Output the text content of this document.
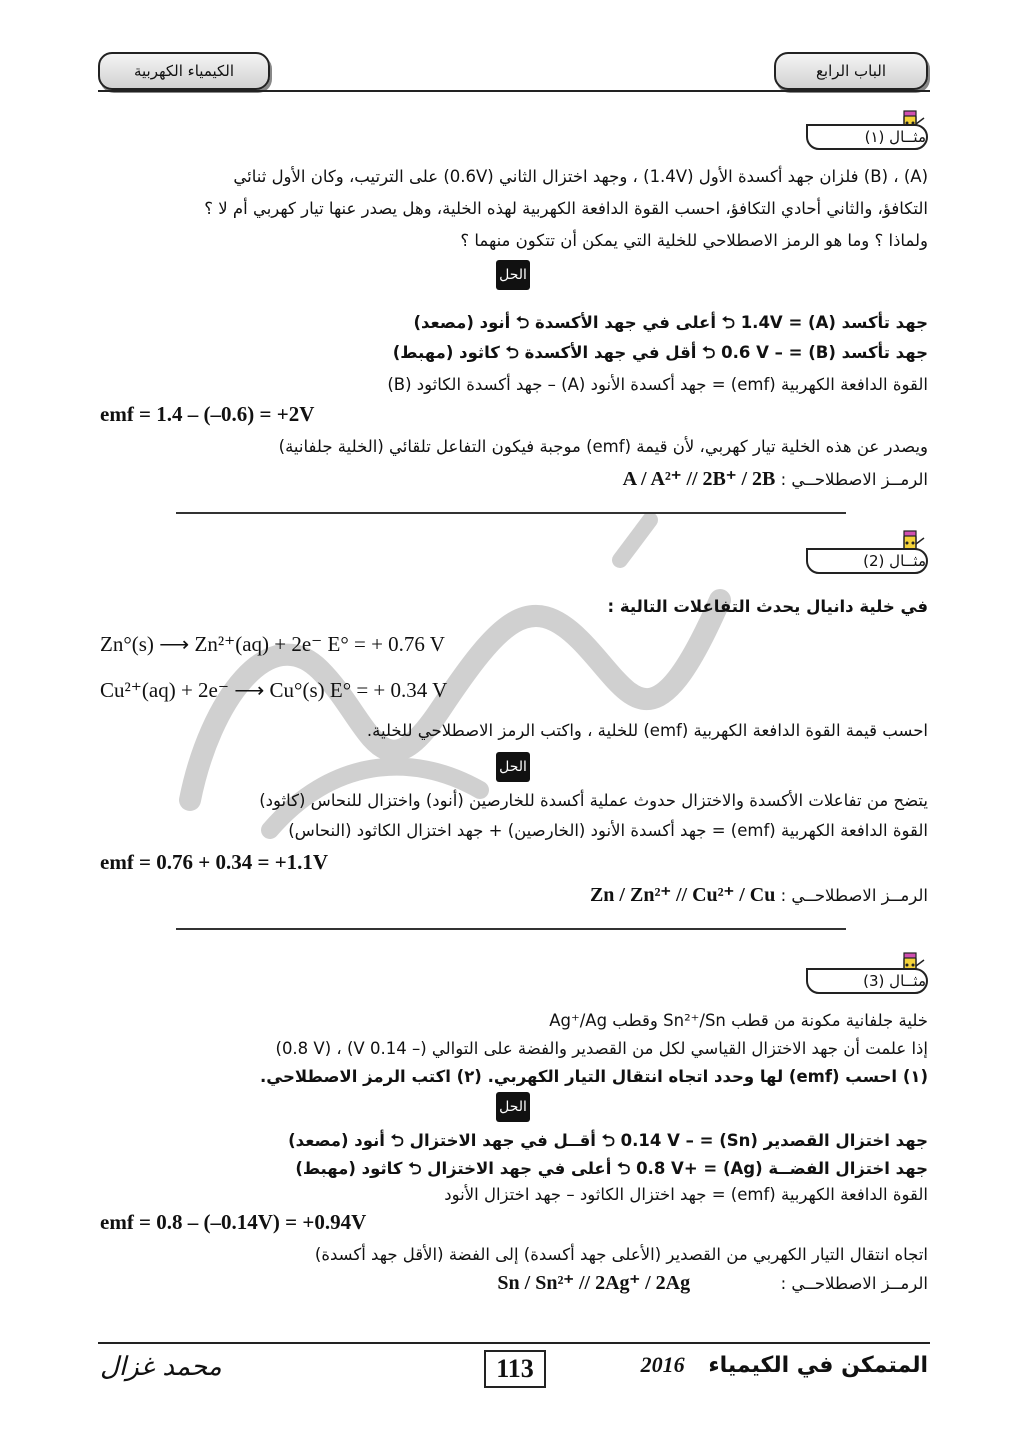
الباب الرابع
الكيمياء الكهربية
مثــال (١)
(A) ، (B) فلزان جهد أكسدة الأول (1.4V) ، وجهد اختزال الثاني (0.6V) على الترتيب، وكان الأول ثنائي
التكافؤ، والثاني أحادي التكافؤ، احسب القوة الدافعة الكهربية لهذه الخلية، وهل يصدر عنها تيار كهربي أم لا ؟
ولماذا ؟ وما هو الرمز الاصطلاحي للخلية التي يمكن أن تتكون منهما ؟
الحل
جهد تأكسد (A) = 1.4V ⮌ أعلى في جهد الأكسدة ⮌ أنود (مصعد)
جهد تأكسد (B) = – 0.6 V ⮌ أقل في جهد الأكسدة ⮌ كاثود (مهبط)
القوة الدافعة الكهربية (emf) = جهد أكسدة الأنود (A) – جهد أكسدة الكاثود (B)
emf = 1.4 – (–0.6) = +2V
ويصدر عن هذه الخلية تيار كهربي، لأن قيمة (emf) موجبة فيكون التفاعل تلقائي (الخلية جلفانية)
الرمــز الاصطلاحــي : A / A²⁺ // 2B⁺ / 2B
مثــال (2)
في خلية دانيال يحدث التفاعلات التالية :
Zn°(s) ⟶ Zn²⁺(aq) + 2e⁻ E° = + 0.76 V
Cu²⁺(aq) + 2e⁻ ⟶ Cu°(s) E° = + 0.34 V
احسب قيمة القوة الدافعة الكهربية (emf) للخلية ، واكتب الرمز الاصطلاحي للخلية.
الحل
يتضح من تفاعلات الأكسدة والاختزال حدوث عملية أكسدة للخارصين (أنود) واختزال للنحاس (كاثود)
القوة الدافعة الكهربية (emf) = جهد أكسدة الأنود (الخارصين) + جهد اختزال الكاثود (النحاس)
emf = 0.76 + 0.34 = +1.1V
الرمــز الاصطلاحــي : Zn / Zn²⁺ // Cu²⁺ / Cu
مثــال (3)
خلية جلفانية مكونة من قطب Sn²⁺/Sn وقطب Ag⁺/Ag
إذا علمت أن جهد الاختزال القياسي لكل من القصدير والفضة على التوالي (– 0.14 V) ، (0.8 V)
(١) احسب (emf) لها وحدد اتجاه انتقال التيار الكهربي. (٢) اكتب الرمز الاصطلاحي.
الحل
جهد اختزال القصدير (Sn) = – 0.14 V ⮌ أقــل في جهد الاختزال ⮌ أنود (مصعد)
جهد اختزال الفضــة (Ag) = +0.8 V ⮌ أعلى في جهد الاختزال ⮌ كاثود (مهبط)
القوة الدافعة الكهربية (emf) = جهد اختزال الكاثود – جهد اختزال الأنود
emf = 0.8 – (–0.14V) = +0.94V
اتجاه انتقال التيار الكهربي من القصدير (الأعلى جهد أكسدة) إلى الفضة (الأقل جهد أكسدة)
الرمــز الاصطلاحــي :  Sn / Sn²⁺ // 2Ag⁺ / 2Ag
113	المتمكن في الكيمياء 2016
محمد غزال
